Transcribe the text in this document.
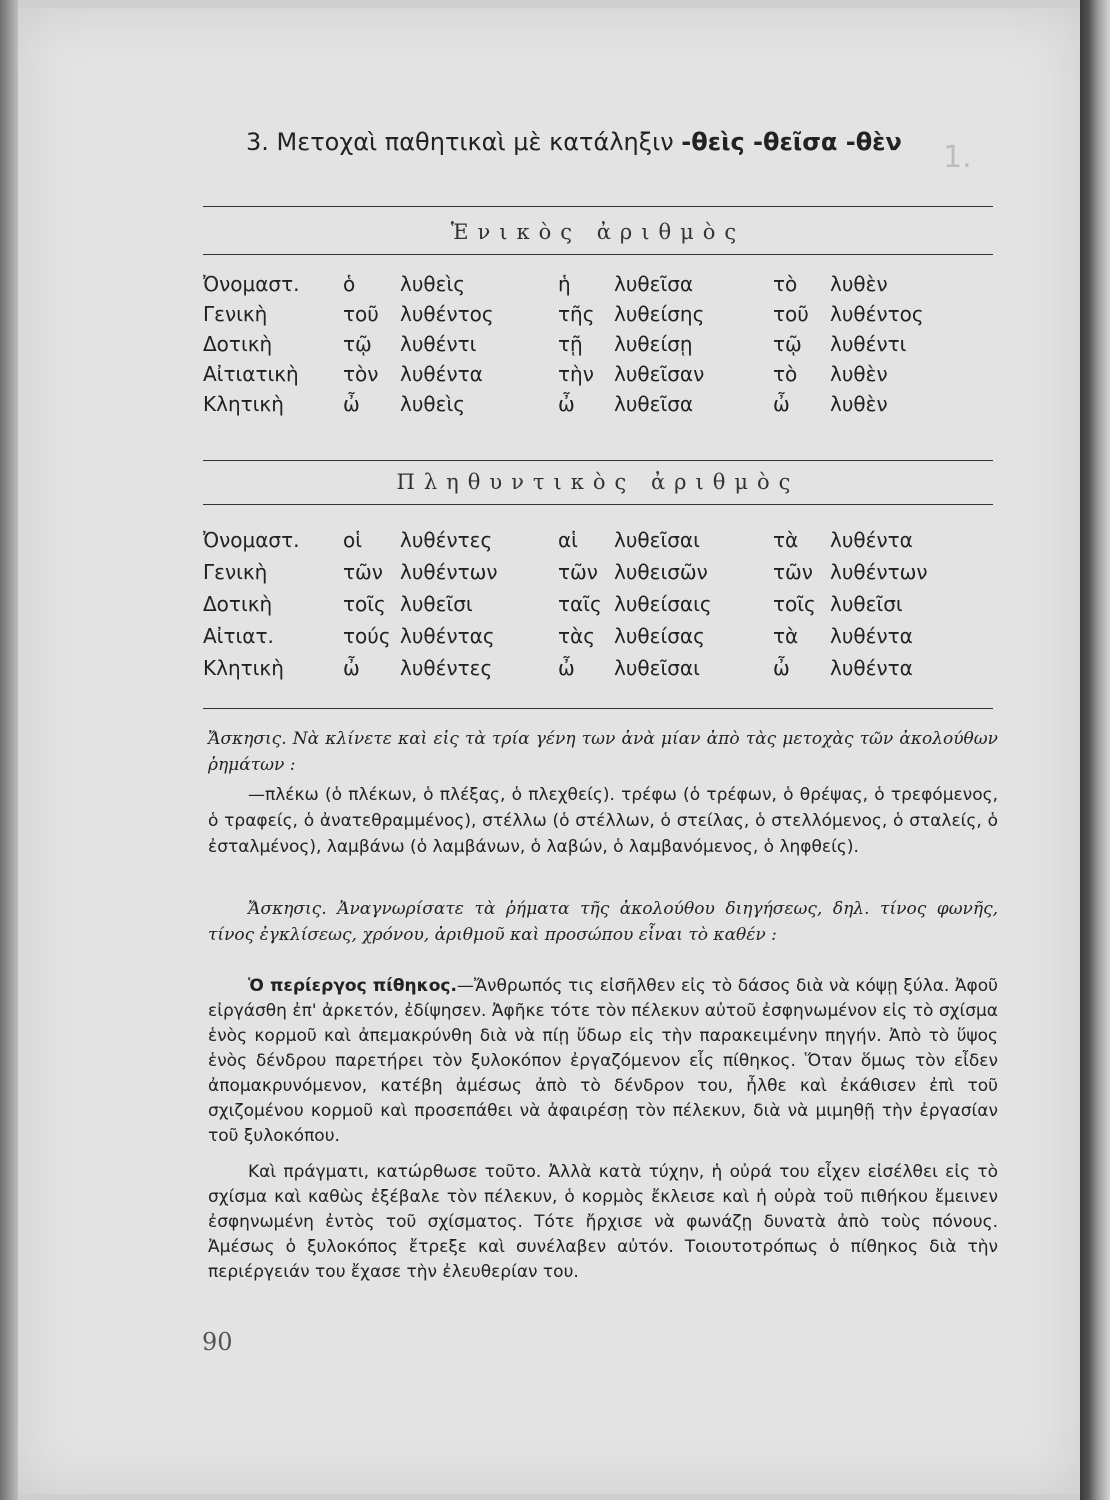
1.
3. Μετοχαὶ παθητικαὶ μὲ κατάληξιν -θεὶς -θεῖσα -θὲν
Ἑνικὸς ἀριθμὸς
Ὀνομαστ. ὁ λυθεὶς	ἡ λυθεῖσα	τὸ λυθὲν
Γενικὴ	τοῦ λυθέντος	τῆς λυθείσης	τοῦ λυθέντος
Δοτικὴ	τῷ λυθέντι	τῇ λυθείσῃ	τῷ λυθέντι
Αἰτιατικὴ τὸν λυθέντα	τὴν λυθεῖσαν	τὸ λυθὲν
Κλητικὴ	ὦ λυθεὶς	ὦ λυθεῖσα	ὦ λυθὲν
Πληθυντικὸς ἀριθμὸς
Ὀνομαστ. οἱ λυθέντες	αἱ λυθεῖσαι	τὰ λυθέντα
Γενικὴ	τῶν λυθέντων	τῶν λυθεισῶν	τῶν λυθέντων
Δοτικὴ	τοῖς λυθεῖσι	ταῖς λυθείσαις	τοῖς λυθεῖσι
Αἰτιατ.	τούς λυθέντας	τὰς λυθείσας	τὰ λυθέντα
Κλητικὴ	ὦ λυθέντες	ὦ λυθεῖσαι	ὦ λυθέντα
Ἄσκησις. Νὰ κλίνετε καὶ εἰς τὰ τρία γένη των ἀνὰ μίαν ἀπὸ τὰς μετοχὰς τῶν ἀκολούθων ῥημάτων :
—πλέκω (ὁ πλέκων, ὁ πλέξας, ὁ πλεχθείς). τρέφω (ὁ τρέφων, ὁ θρέψας, ὁ τρεφόμενος, ὁ τραφείς, ὁ ἀνατεθραμμένος), στέλλω (ὁ στέλλων, ὁ στείλας, ὁ στελλόμενος, ὁ σταλείς, ὁ ἐσταλμένος), λαμβάνω (ὁ λαμβάνων, ὁ λαβών, ὁ λαμβανόμενος, ὁ ληφθείς).
Ἄσκησις. Ἀναγνωρίσατε τὰ ῥήματα τῆς ἀκολούθου διηγήσεως, δηλ. τίνος φωνῆς, τίνος ἐγκλίσεως, χρόνου, ἀριθμοῦ καὶ προσώπου εἶναι τὸ καθέν :
Ὁ περίεργος πίθηκος.—Ἄνθρωπός τις εἰσῆλθεν εἰς τὸ δάσος διὰ νὰ κόψῃ ξύλα. Ἀφοῦ εἰργάσθη ἐπ' ἀρκετόν, ἐδίψησεν. Ἀφῆκε τότε τὸν πέλεκυν αὐτοῦ ἐσφηνωμένον εἰς τὸ σχίσμα ἑνὸς κορμοῦ καὶ ἀπεμακρύνθη διὰ νὰ πίῃ ὕδωρ εἰς τὴν παρακειμένην πηγήν. Ἀπὸ τὸ ὕψος ἑνὸς δένδρου παρετήρει τὸν ξυλοκόπον ἐργαζόμενον εἷς πίθηκος. Ὅταν ὅμως τὸν εἶδεν ἀπομακρυνόμενον, κατέβη ἀμέσως ἀπὸ τὸ δένδρον του, ἦλθε καὶ ἐκάθισεν ἐπὶ τοῦ σχιζομένου κορμοῦ καὶ προσεπάθει νὰ ἀφαιρέσῃ τὸν πέλεκυν, διὰ νὰ μιμηθῇ τὴν ἐργασίαν τοῦ ξυλοκόπου.
Καὶ πράγματι, κατώρθωσε τοῦτο. Ἀλλὰ κατὰ τύχην, ἡ οὐρά του εἶχεν εἰσέλθει εἰς τὸ σχίσμα καὶ καθὼς ἐξέβαλε τὸν πέλεκυν, ὁ κορμὸς ἔκλεισε καὶ ἡ οὐρὰ τοῦ πιθήκου ἔμεινεν ἐσφηνωμένη ἐντὸς τοῦ σχίσματος. Τότε ἤρχισε νὰ φωνάζῃ δυνατὰ ἀπὸ τοὺς πόνους. Ἀμέσως ὁ ξυλοκόπος ἔτρεξε καὶ συνέλαβεν αὐτόν. Τοιουτοτρόπως ὁ πίθηκος διὰ τὴν περιέργειάν του ἔχασε τὴν ἐλευθερίαν του.
90
